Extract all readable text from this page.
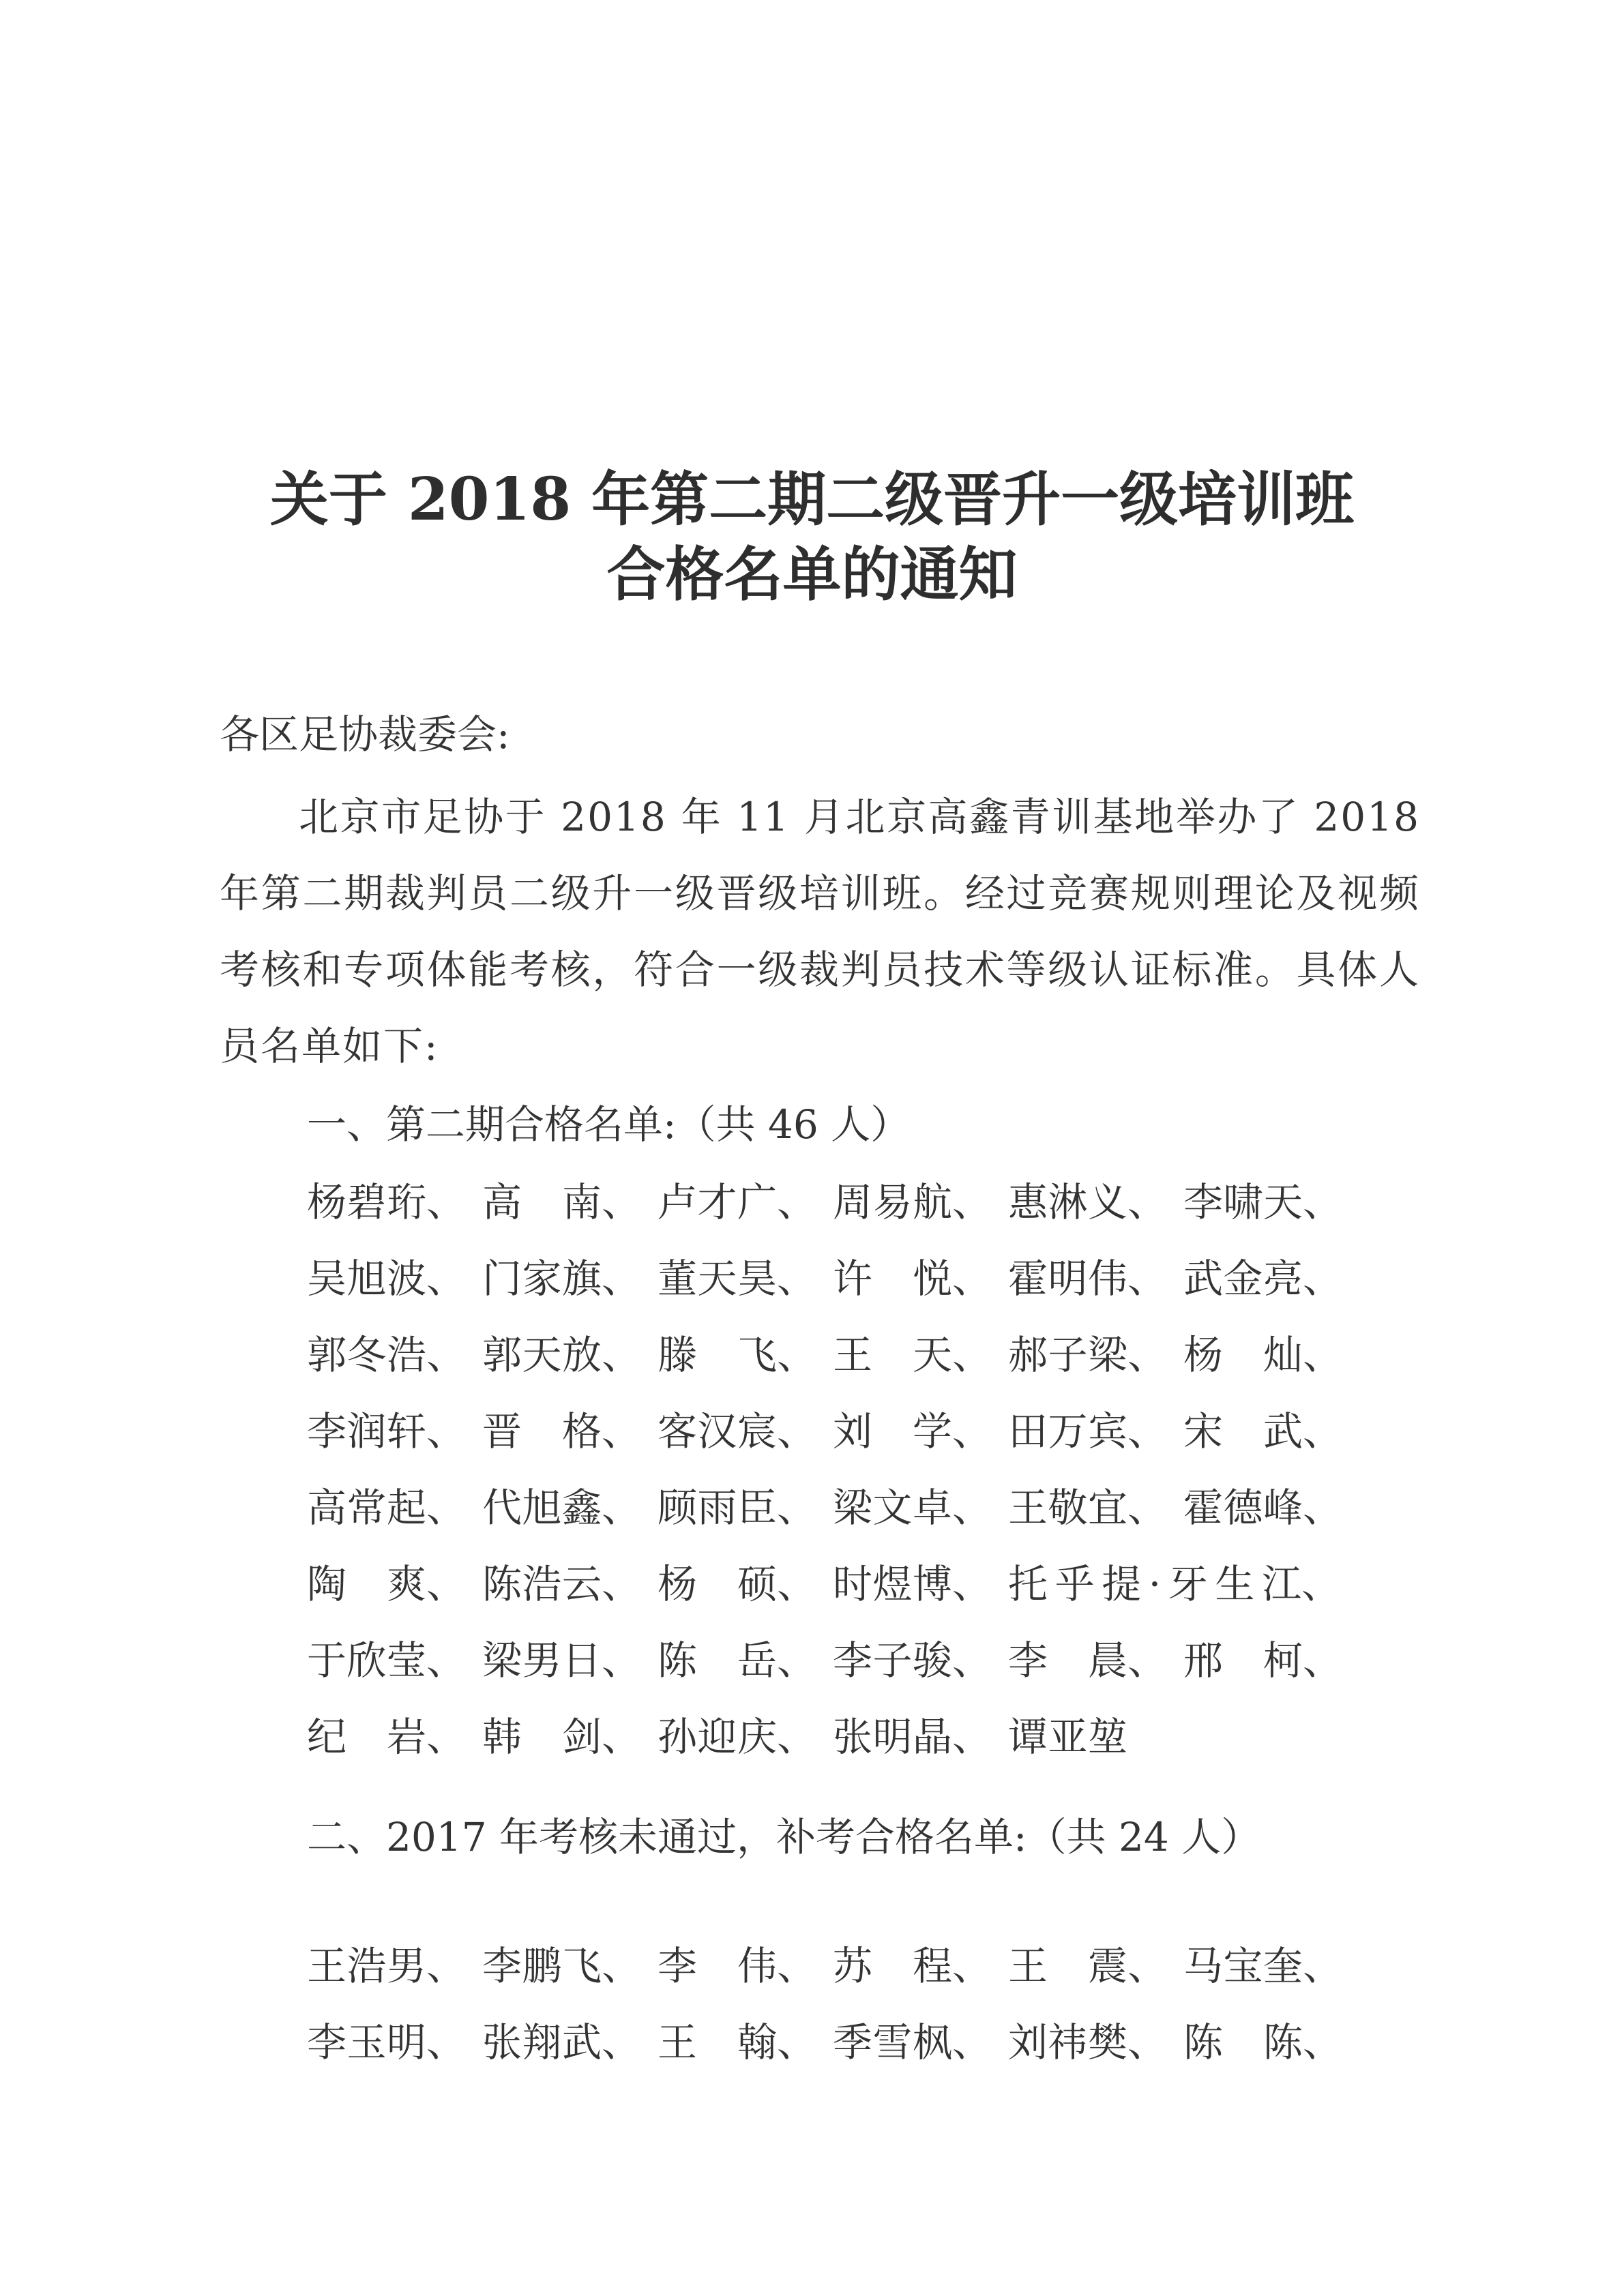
关于 2018 年第二期二级晋升一级培训班
合格名单的通知
各区足协裁委会:
北京市足协于 2018 年 11 月北京高鑫青训基地举办了 2018 年第二期裁判员二级升一级晋级培训班。经过竞赛规则理论及视频考核和专项体能考核，符合一级裁判员技术等级认证标准。具体人员名单如下:
一、第二期合格名单:（共 46 人）
杨碧珩 、 高　南 、 卢才广 、 周易航 、 惠淋义 、 李啸天 、
吴旭波 、 门家旗 、 董天昊 、 许　悦 、 霍明伟 、 武金亮 、
郭冬浩 、 郭天放 、 滕　飞 、 王　天 、 郝子梁 、 杨　灿 、
李润轩 、 晋　格 、 客汉宸 、 刘　学 、 田万宾 、 宋　武 、
高常起 、 代旭鑫 、 顾雨臣 、 梁文卓 、 王敬宜 、 霍德峰 、
陶　爽 、 陈浩云 、 杨　硕 、 时煜博 、 托乎提·牙生江 、
于欣莹 、 梁男日 、 陈　岳 、 李子骏 、 李　晨 、 邢　柯 、
纪　岩 、 韩　剑 、 孙迎庆 、 张明晶 、 谭亚堃
二、2017 年考核未通过，补考合格名单:（共 24 人）
王浩男 、 李鹏飞 、 李　伟 、 苏　程 、 王　震 、 马宝奎 、
李玉明 、 张翔武 、 王　翰 、 季雪枫 、 刘祎樊 、 陈　陈 、
